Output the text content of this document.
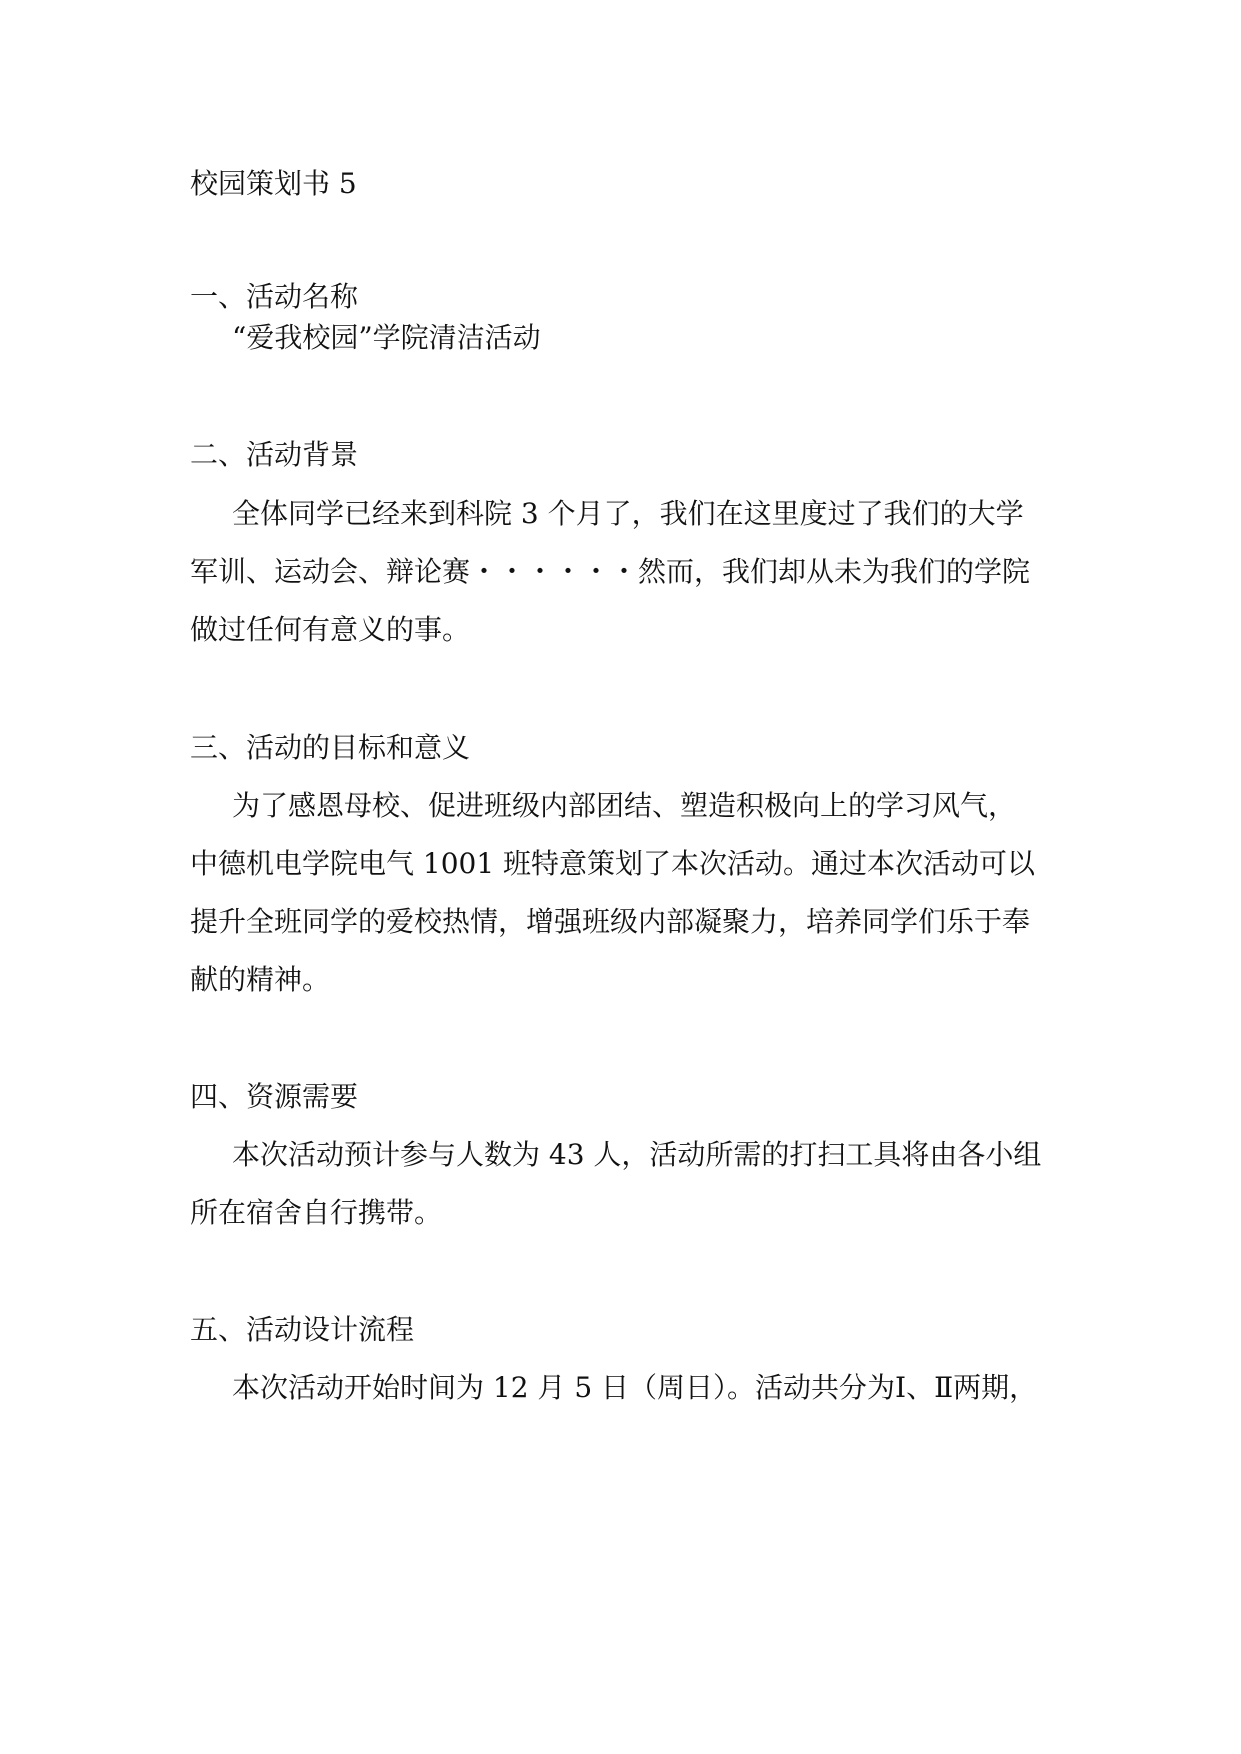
校园策划书 5
一、活动名称
“爱我校园”学院清洁活动
二、活动背景
全体同学已经来到科院 3 个月了，我们在这里度过了我们的大学
军训、运动会、辩论赛・・・・・・然而，我们却从未为我们的学院
做过任何有意义的事。
三、活动的目标和意义
为了感恩母校、促进班级内部团结、塑造积极向上的学习风气，
中德机电学院电气 1001 班特意策划了本次活动。通过本次活动可以
提升全班同学的爱校热情，增强班级内部凝聚力，培养同学们乐于奉
献的精神。
四、资源需要
本次活动预计参与人数为 43 人，活动所需的打扫工具将由各小组
所在宿舍自行携带。
五、活动设计流程
本次活动开始时间为 12 月 5 日（周日）。活动共分为Ⅰ、Ⅱ两期，
